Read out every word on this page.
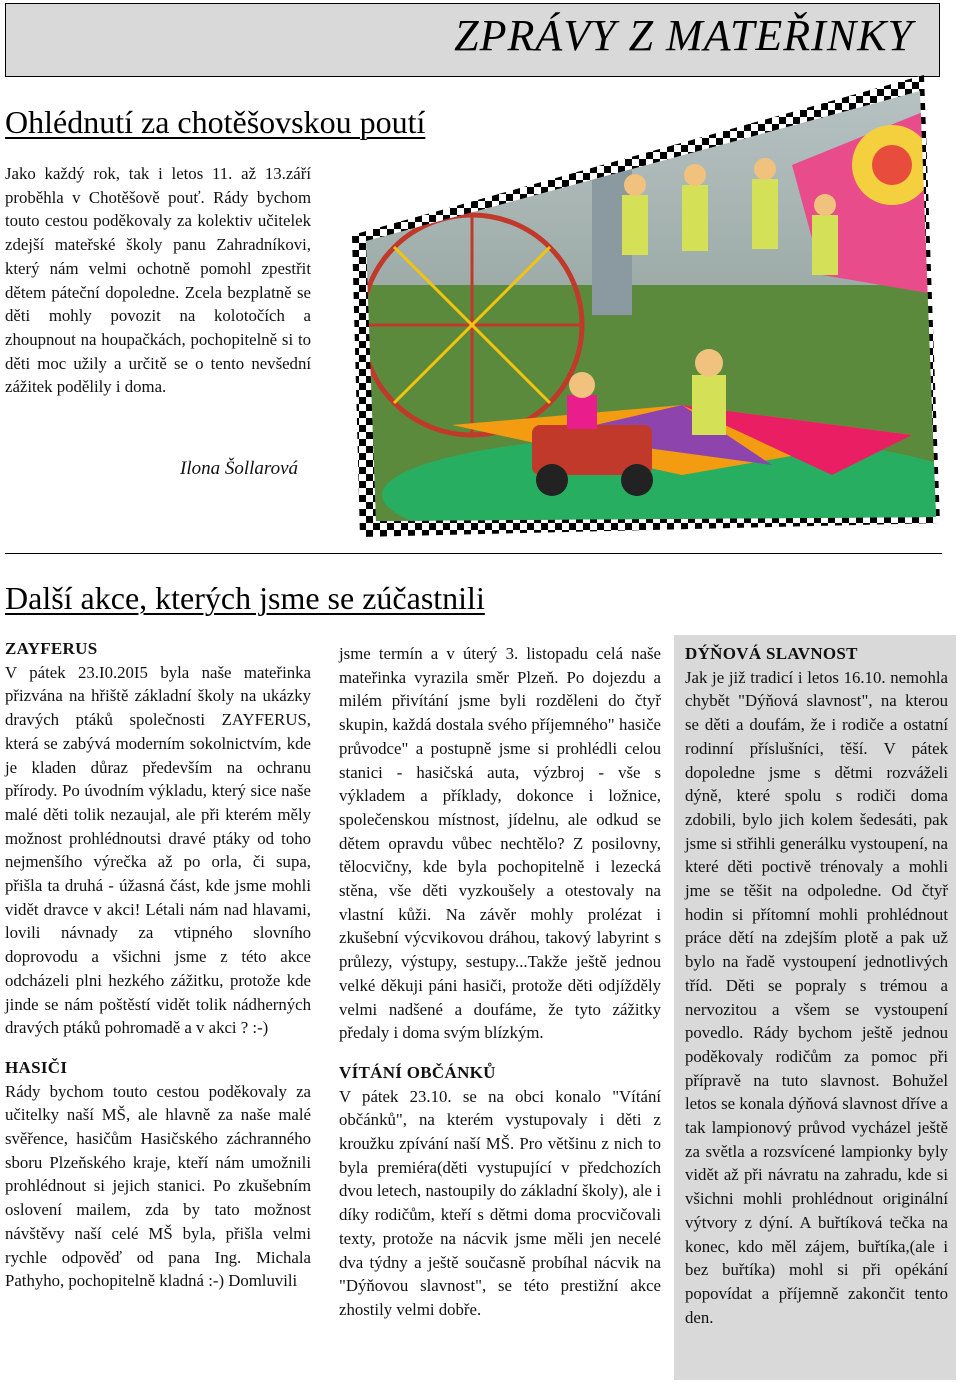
ZPRÁVY Z MATEŘINKY
Ohlédnutí za chotěšovskou poutí

Jako každý rok, tak i letos 11. až 13.září proběhla v Chotěšově pouť. Rády bychom touto cestou poděkovaly za kolektiv učitelek zdejší mateřské školy panu Zahradníkovi, který nám velmi ochotně pomohl zpestřit dětem páteční dopoledne. Zcela bezplatně se děti mohly povozit na kolotočích a zhoupnout na houpačkách, pochopitelně si to děti moc užily a určitě se o tento nevšední zážitek podělily i doma.

Ilona Šollarová
Další akce, kterých jsme se zúčastnili

ZAYFERUS

V pátek 23.I0.20I5 byla naše mateřinka přizvána na hřiště základní školy na ukázky dravých ptáků společnosti ZAYFERUS, která se zabývá moderním sokolnictvím, kde je kladen důraz především na ochranu přírody. Po úvodním výkladu, který sice naše malé děti tolik nezaujal, ale při kterém měly možnost prohlédnoutsi dravé ptáky od toho nejmenšího výrečka až po orla, či supa, přišla ta druhá - úžasná část, kde jsme mohli vidět dravce v akci! Létali nám nad hlavami, lovili návnady za vtipného slovního doprovodu a všichni jsme z této akce odcházeli plni hezkého zážitku, protože kde jinde se nám poštěstí vidět tolik nádherných dravých ptáků pohromadě a v akci ? :-)

HASIČI

Rády bychom touto cestou poděkovaly za učitelky naší MŠ, ale hlavně za naše malé svěřence, hasičům Hasičského záchranného sboru Plzeňského kraje, kteří nám umožnili prohlédnout si jejich stanici. Po zkušebním oslovení mailem, zda by tato možnost návštěvy naší celé MŠ byla, přišla velmi rychle odpověď od pana Ing. Michala Pathyho, pochopitelně kladná :-) Domluvili

jsme termín a v úterý 3. listopadu celá naše mateřinka vyrazila směr Plzeň. Po dojezdu a milém přivítání jsme byli rozděleni do čtyř skupin, každá dostala svého příjemného" hasiče průvodce" a postupně jsme si prohlédli celou stanici - hasičská auta, výzbroj - vše s výkladem a příklady, dokonce i ložnice, společenskou místnost, jídelnu, ale odkud se dětem opravdu vůbec nechtělo? Z posilovny, tělocvičny, kde byla pochopitelně i lezecká stěna, vše děti vyzkoušely a otestovaly na vlastní kůži. Na závěr mohly prolézat i zkušební výcvikovou dráhou, takový labyrint s průlezy, výstupy, sestupy...Takže ještě jednou velké děkuji páni hasiči, protože děti odjížděly velmi nadšené a doufáme, že tyto zážitky předaly i doma svým blízkým.

VÍTÁNÍ OBČÁNKŮ

V pátek 23.10. se na obci konalo "Vítání občánků", na kterém vystupovaly i děti z kroužku zpívání naší MŠ. Pro většinu z nich to byla premiéra(děti vystupující v předchozích dvou letech, nastoupily do základní školy), ale i díky rodičům, kteří s dětmi doma procvičovali texty, protože na nácvik jsme měli jen necelé dva týdny a ještě současně probíhal nácvik na "Dýňovou slavnost", se této prestižní akce zhostily velmi dobře.

DÝŇOVÁ SLAVNOST

Jak je již tradicí i letos 16.10. nemohla chybět "Dýňová slavnost", na kterou se děti a doufám, že i rodiče a ostatní rodinní příslušníci, těší. V pátek dopoledne jsme s dětmi rozváželi dýně, které spolu s rodiči doma zdobili, bylo jich kolem šedesáti, pak jsme si střihli generálku vystoupení, na které děti poctivě trénovaly a mohli jme se těšit na odpoledne. Od čtyř hodin si přítomní mohli prohlédnout práce dětí na zdejším plotě a pak už bylo na řadě vystoupení jednotlivých tříd. Děti se popraly s trémou a nervozitou a všem se vystoupení povedlo. Rády bychom ještě jednou poděkovaly rodičům za pomoc při přípravě na tuto slavnost. Bohužel letos se konala dýňová slavnost dříve a tak lampionový průvod vycházel ještě za světla a rozsvícené lampionky byly vidět až při návratu na zahradu, kde si všichni mohli prohlédnout originální výtvory z dýní. A buřtíková tečka na konec, kdo měl zájem, buřtíka,(ale i bez buřtíka) mohl si při opékání popovídat a příjemně zakončit tento den.
